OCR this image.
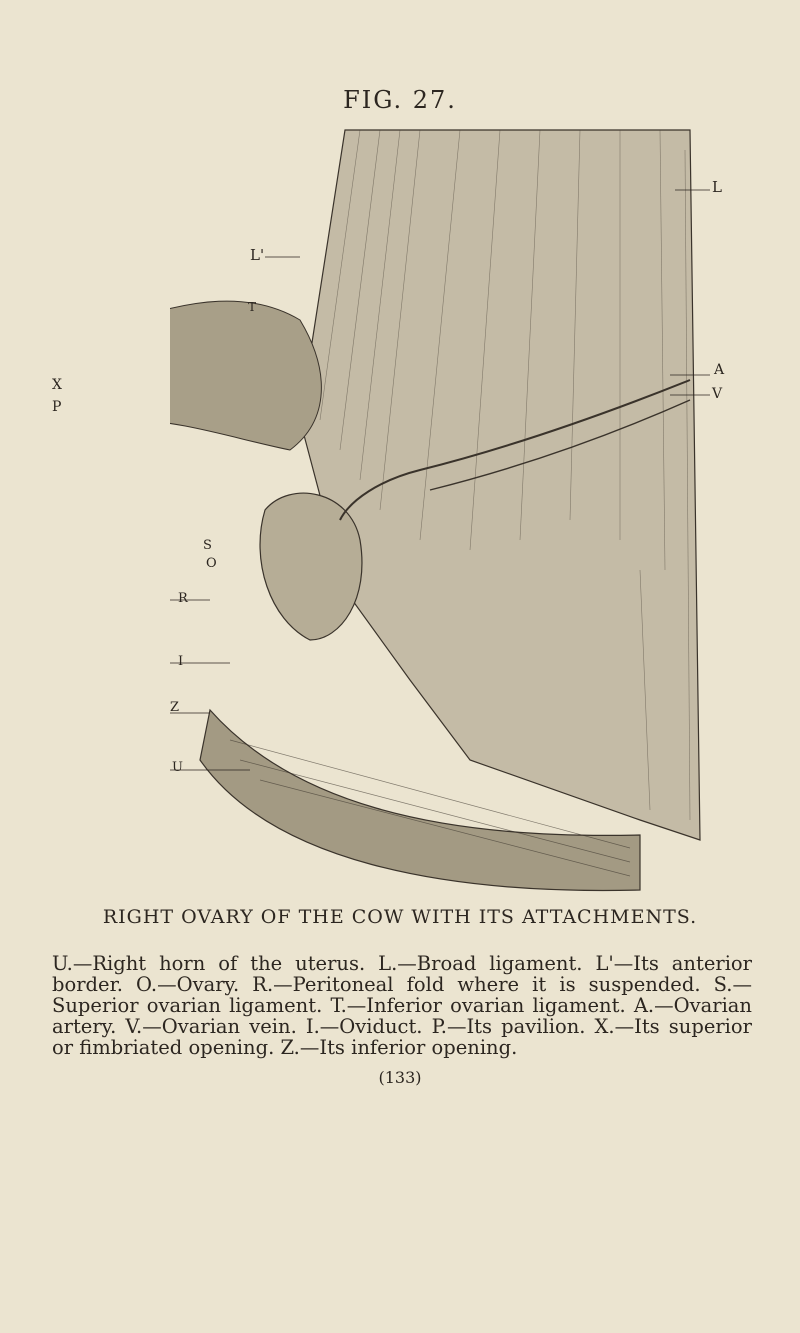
FIG. 27.
L
L'
T
X
P
A
V
S
O
R
I
Z
U
RIGHT OVARY OF THE COW WITH ITS ATTACHMENTS.
U.—Right horn of the uterus. L.—Broad ligament. L'—Its anterior border. O.—Ovary. R.—Peritoneal fold where it is suspended. S.—Superior ovarian ligament. T.—Inferior ovarian ligament. A.—Ovarian artery. V.—Ovarian vein. I.—Oviduct. P.—Its pavilion. X.—Its superior or fimbriated opening. Z.—Its inferior opening.
(133)
